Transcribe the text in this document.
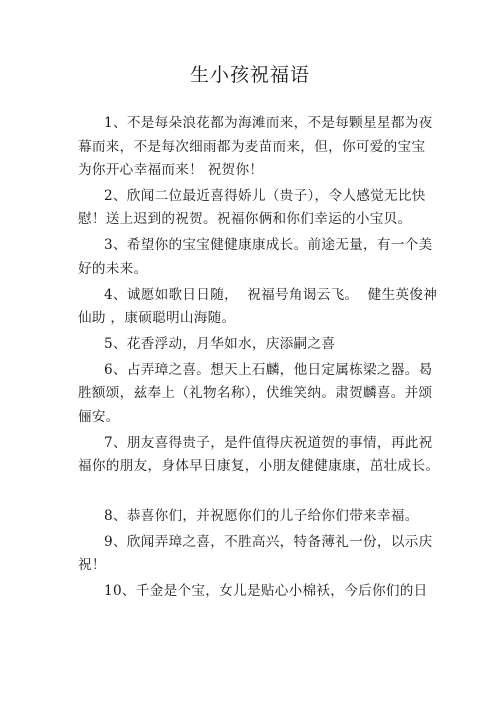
生小孩祝福语
1、不是每朵浪花都为海滩而来，不是每颗星星都为夜
幕而来，不是每次细雨都为麦苗而来，但，你可爱的宝宝
为你开心幸福而来！ 祝贺你！
2、欣闻二位最近喜得娇儿（贵子），令人感觉无比快
慰！送上迟到的祝贺。祝福你俩和你们幸运的小宝贝。
3、希望你的宝宝健健康康成长。前途无量，有一个美
好的未来。
4、诚愿如歌日日随，  祝福号角谒云飞。  健生英俊神
仙助 ，康硕聪明山海随。
5、花香浮动，月华如水，庆添嗣之喜
6、占弄璋之喜。想天上石麟，他日定属栋梁之器。曷
胜额颂，兹奉上（礼物名称），伏维笑纳。肃贺麟喜。并颂
俪安。
7、朋友喜得贵子，是件值得庆祝道贺的事情，再此祝
福你的朋友，身体早日康复，小朋友健健康康，茁壮成长。
8、恭喜你们，并祝愿你们的儿子给你们带来幸福。
9、欣闻弄璋之喜，不胜高兴，特备薄礼一份，以示庆
祝！
10、千金是个宝，女儿是贴心小棉袄，今后你们的日
